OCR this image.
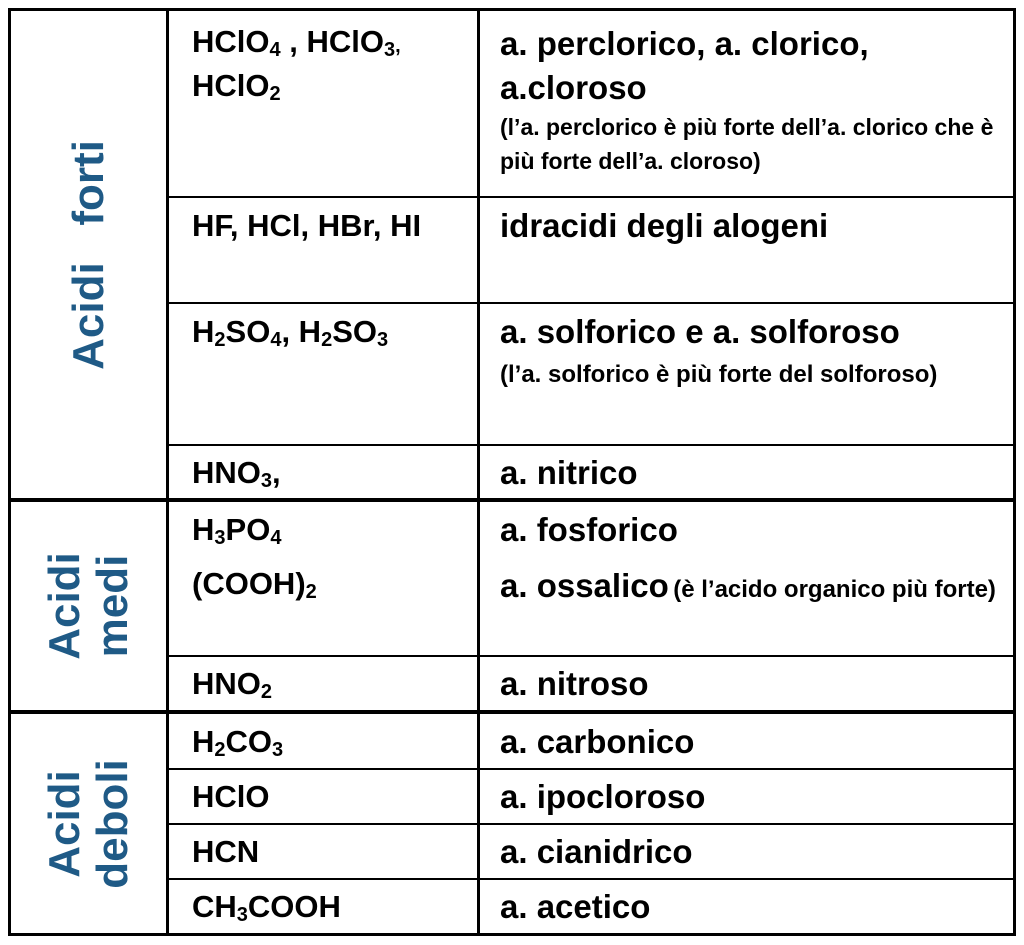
Acidi   forti
Acidi medi
Acidi deboli
HClO$_4$ , HClO$_3$,
HClO$_2$
HF, HCl, HBr, HI
$H_2SO_4$, $H_2SO_3$
$HNO_3$,
$H_3PO_4$
$(COOH)_2$
$HNO_2$
$H_2CO_3$
HClO
HCN
$CH_3COOH$
a. perclorico, a. clorico, a.cloroso
(l’a. perclorico è più forte dell’a. clorico che è più forte dell’a. cloroso)
idracidi degli alogeni
a. solforico e a. solforoso
(l’a. solforico è più forte del solforoso)
a. nitrico
a. fosforico
a. ossalico (è l’acido organico più forte)
a. nitroso
a. carbonico
a. ipocloroso
a. cianidrico
a. acetico
